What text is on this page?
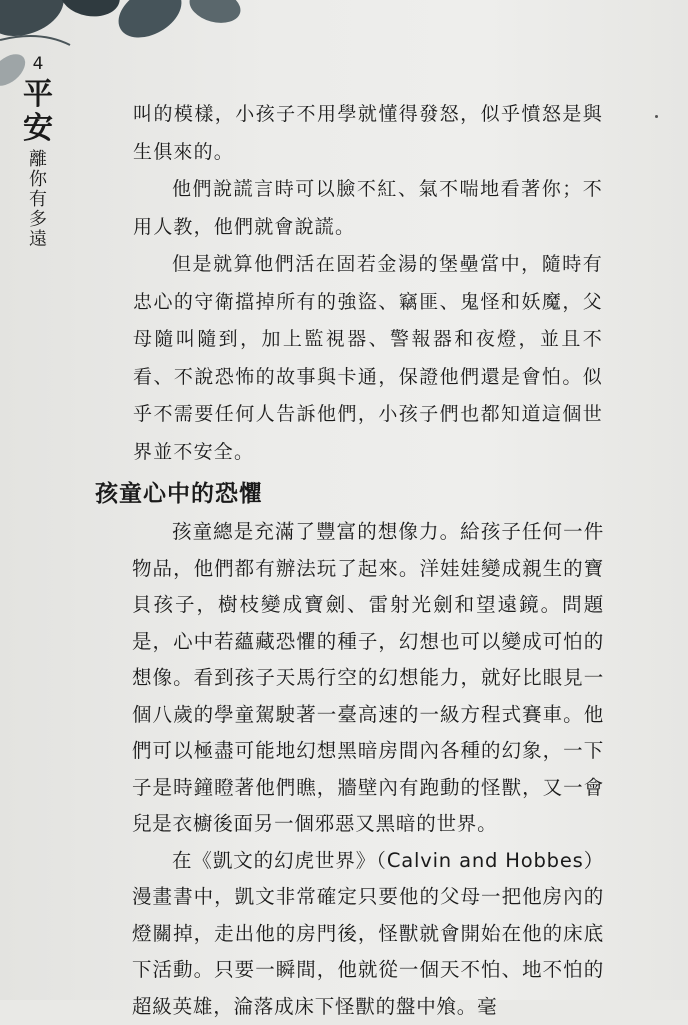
4
平安
離你有多遠

叫的模樣，小孩子不用學就懂得發怒，似乎憤怒是與生俱來的。

他們說謊言時可以臉不紅、氣不喘地看著你；不用人教，他們就會說謊。

但是就算他們活在固若金湯的堡壘當中，隨時有忠心的守衛擋掉所有的強盜、竊匪、鬼怪和妖魔，父母隨叫隨到，加上監視器、警報器和夜燈，並且不看、不說恐怖的故事與卡通，保證他們還是會怕。似乎不需要任何人告訴他們，小孩子們也都知道這個世界並不安全。

孩童心中的恐懼

孩童總是充滿了豐富的想像力。給孩子任何一件物品，他們都有辦法玩了起來。洋娃娃變成親生的寶貝孩子，樹枝變成寶劍、雷射光劍和望遠鏡。問題是，心中若蘊藏恐懼的種子，幻想也可以變成可怕的想像。看到孩子天馬行空的幻想能力，就好比眼見一個八歲的學童駕駛著一臺高速的一級方程式賽車。他們可以極盡可能地幻想黑暗房間內各種的幻象，一下子是時鐘瞪著他們瞧，牆壁內有跑動的怪獸，又一會兒是衣櫥後面另一個邪惡又黑暗的世界。

在《凱文的幻虎世界》（Calvin and Hobbes）漫畫書中，凱文非常確定只要他的父母一把他房內的燈關掉，走出他的房門後，怪獸就會開始在他的床底下活動。只要一瞬間，他就從一個天不怕、地不怕的超級英雄，淪落成床下怪獸的盤中飧。毫
